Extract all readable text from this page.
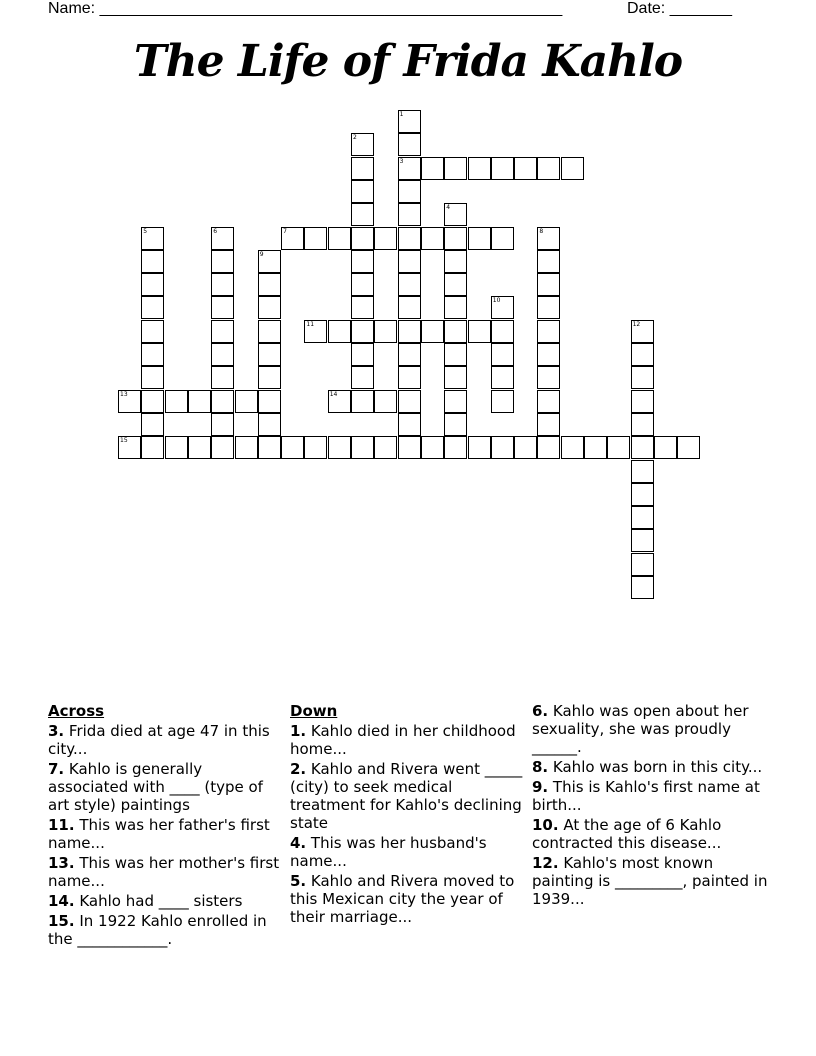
Name: ____________________________________________________	Date: _______
The Life of Frida Kahlo
1
3
2
4
5	6	7	8
9
10
11	12
13	14
15
Across
3. Frida died at age 47 in this city...
7. Kahlo is generally associated with ____ (type of art style) paintings
11. This was her father's first name...
13. This was her mother's first name...
14. Kahlo had ____ sisters
15. In 1922 Kahlo enrolled in the ____________.
Down
1. Kahlo died in her childhood home...
2. Kahlo and Rivera went _____ (city) to seek medical treatment for Kahlo's declining state
4. This was her husband's name...
5. Kahlo and Rivera moved to this Mexican city the year of their marriage...
6. Kahlo was open about her sexuality, she was proudly ______.
8. Kahlo was born in this city...
9. This is Kahlo's first name at birth...
10. At the age of 6 Kahlo contracted this disease...
12. Kahlo's most known painting is _________, painted in 1939...
